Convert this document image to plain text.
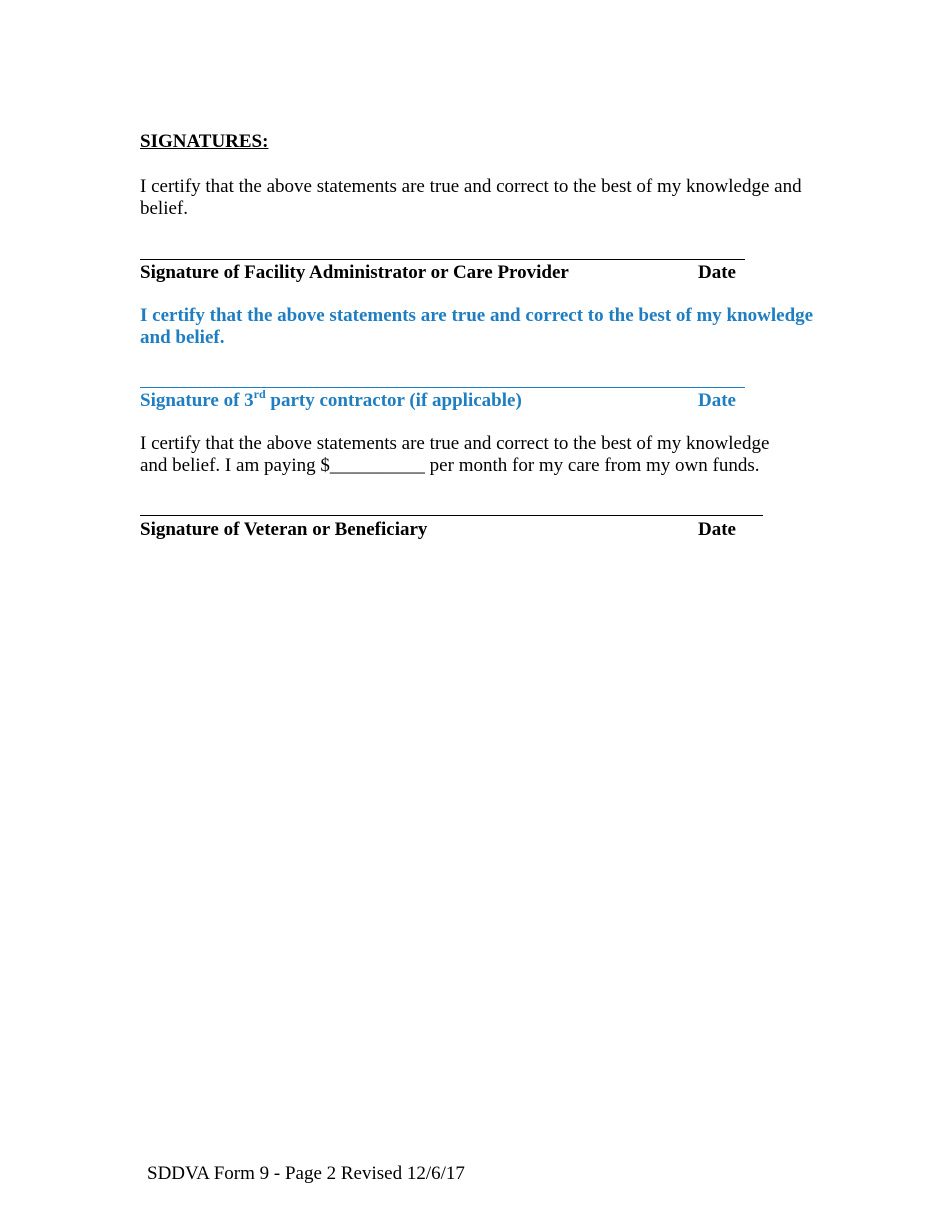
SIGNATURES:
I certify that the above statements are true and correct to the best of my knowledge and
belief.
Signature of Facility Administrator or Care Provider	Date
I certify that the above statements are true and correct to the best of my knowledge
and belief.
Signature of 3rd party contractor (if applicable)	Date
I certify that the above statements are true and correct to the best of my knowledge
and belief. I am paying $__________ per month for my care from my own funds.
Signature of Veteran or Beneficiary	Date
SDDVA Form 9 - Page 2 Revised 12/6/17
